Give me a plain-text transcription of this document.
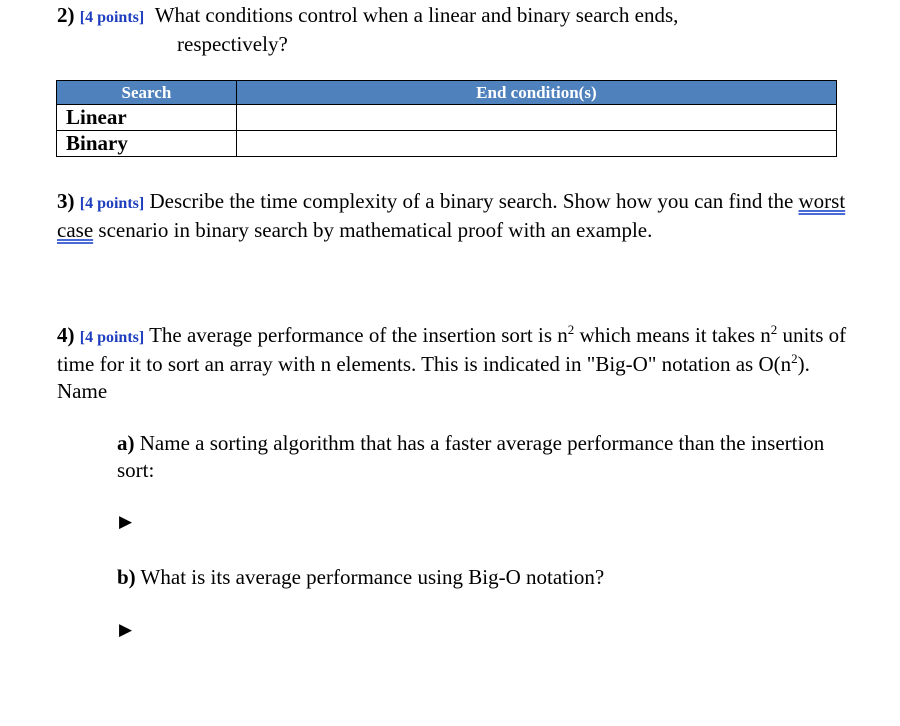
2) [4 points] What conditions control when a linear and binary search ends,
respectively?
Search	End condition(s)
Linear	
Binary	
3) [4 points] Describe the time complexity of a binary search. Show how you can find the worst case scenario in binary search by mathematical proof with an example.
4) [4 points] The average performance of the insertion sort is $n^2$ which means it takes $n^2$ units of time for it to sort an array with n elements. This is indicated in "Big-O" notation as $O(n^2)$. Name
a) Name a sorting algorithm that has a faster average performance than the insertion sort:
▶
b) What is its average performance using Big-O notation?
▶
